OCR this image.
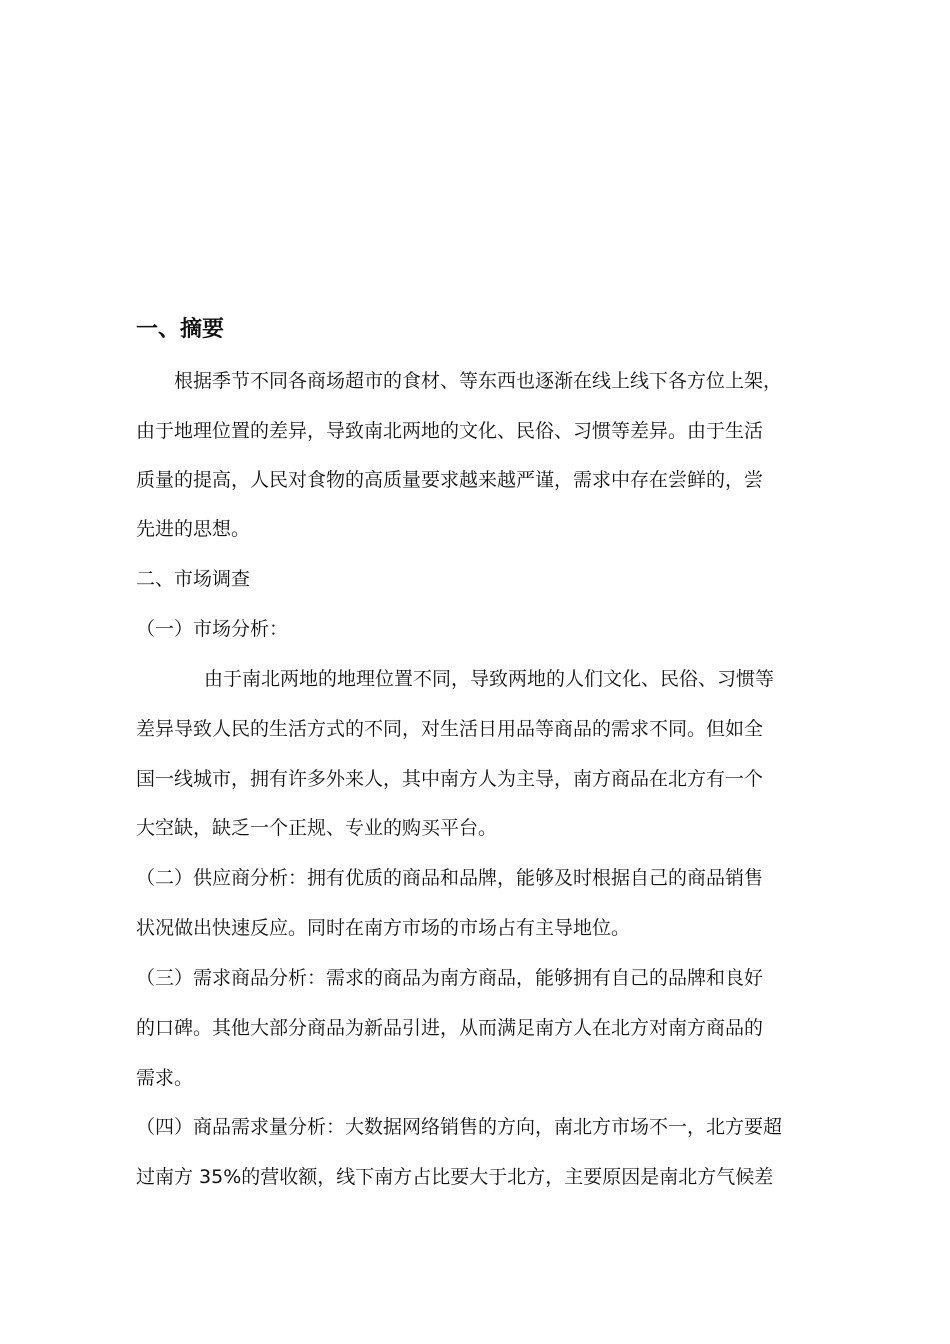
一、摘要

根据季节不同各商场超市的食材、等东西也逐渐在线上线下各方位上架，

由于地理位置的差异，导致南北两地的文化、民俗、习惯等差异。由于生活

质量的提高，人民对食物的高质量要求越来越严谨，需求中存在尝鲜的，尝

先进的思想。

二、市场调查

（一）市场分析：

由于南北两地的地理位置不同，导致两地的人们文化、民俗、习惯等

差异导致人民的生活方式的不同，对生活日用品等商品的需求不同。但如全

国一线城市，拥有许多外来人，其中南方人为主导，南方商品在北方有一个

大空缺，缺乏一个正规、专业的购买平台。

（二）供应商分析：拥有优质的商品和品牌，能够及时根据自己的商品销售

状况做出快速反应。同时在南方市场的市场占有主导地位。

（三）需求商品分析：需求的商品为南方商品，能够拥有自己的品牌和良好

的口碑。其他大部分商品为新品引进，从而满足南方人在北方对南方商品的

需求。

（四）商品需求量分析：大数据网络销售的方向，南北方市场不一，北方要超

过南方 35%的营收额，线下南方占比要大于北方，主要原因是南北方气候差
